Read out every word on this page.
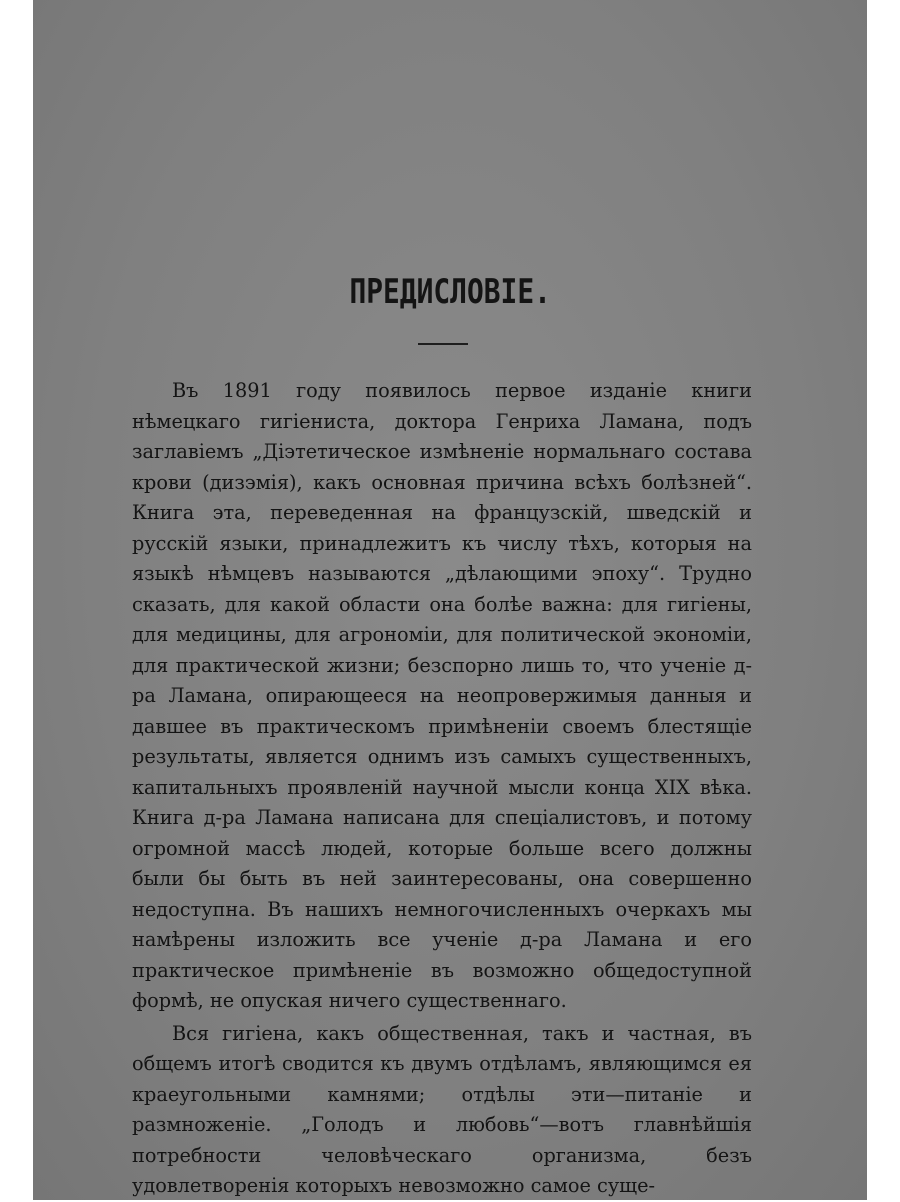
ПРЕДИСЛОВІЕ.

Въ 1891 году появилось первое изданіе книги нѣмецкаго гигіениста, доктора Генриха Ламана, подъ заглавіемъ „Діэтетическое измѣненіе нормальнаго состава крови (дизэмія), какъ основная причина всѣхъ болѣзней“. Книга эта, переведенная на французскій, шведскій и русскій языки, принадлежитъ къ числу тѣхъ, которыя на языкѣ нѣмцевъ называются „дѣлающими эпоху“. Трудно сказать, для какой области она болѣе важна: для гигіены, для медицины, для агрономіи, для политической экономіи, для практической жизни; безспорно лишь то, что ученіе д-ра Ламана, опирающееся на неопровержимыя данныя и давшее въ практическомъ примѣненіи своемъ блестящіе результаты, является однимъ изъ самыхъ существенныхъ, капитальныхъ проявленій научной мысли конца XIX вѣка. Книга д-ра Ламана написана для спеціалистовъ, и потому огромной массѣ людей, которые больше всего должны были бы быть въ ней заинтересованы, она совершенно недоступна. Въ нашихъ немногочисленныхъ очеркахъ мы намѣрены изложить все ученіе д-ра Ламана и его практическое примѣненіе въ возможно общедоступной формѣ, не опуская ничего существеннаго.

Вся гигіена, какъ общественная, такъ и частная, въ общемъ итогѣ сводится къ двумъ отдѣламъ, являющимся ея краеугольными камнями; отдѣлы эти—питаніе и размноженіе. „Голодъ и любовь“—вотъ главнѣйшія потребности человѣческаго организма, безъ удовлетворенія которыхъ невозможно самое суще-
